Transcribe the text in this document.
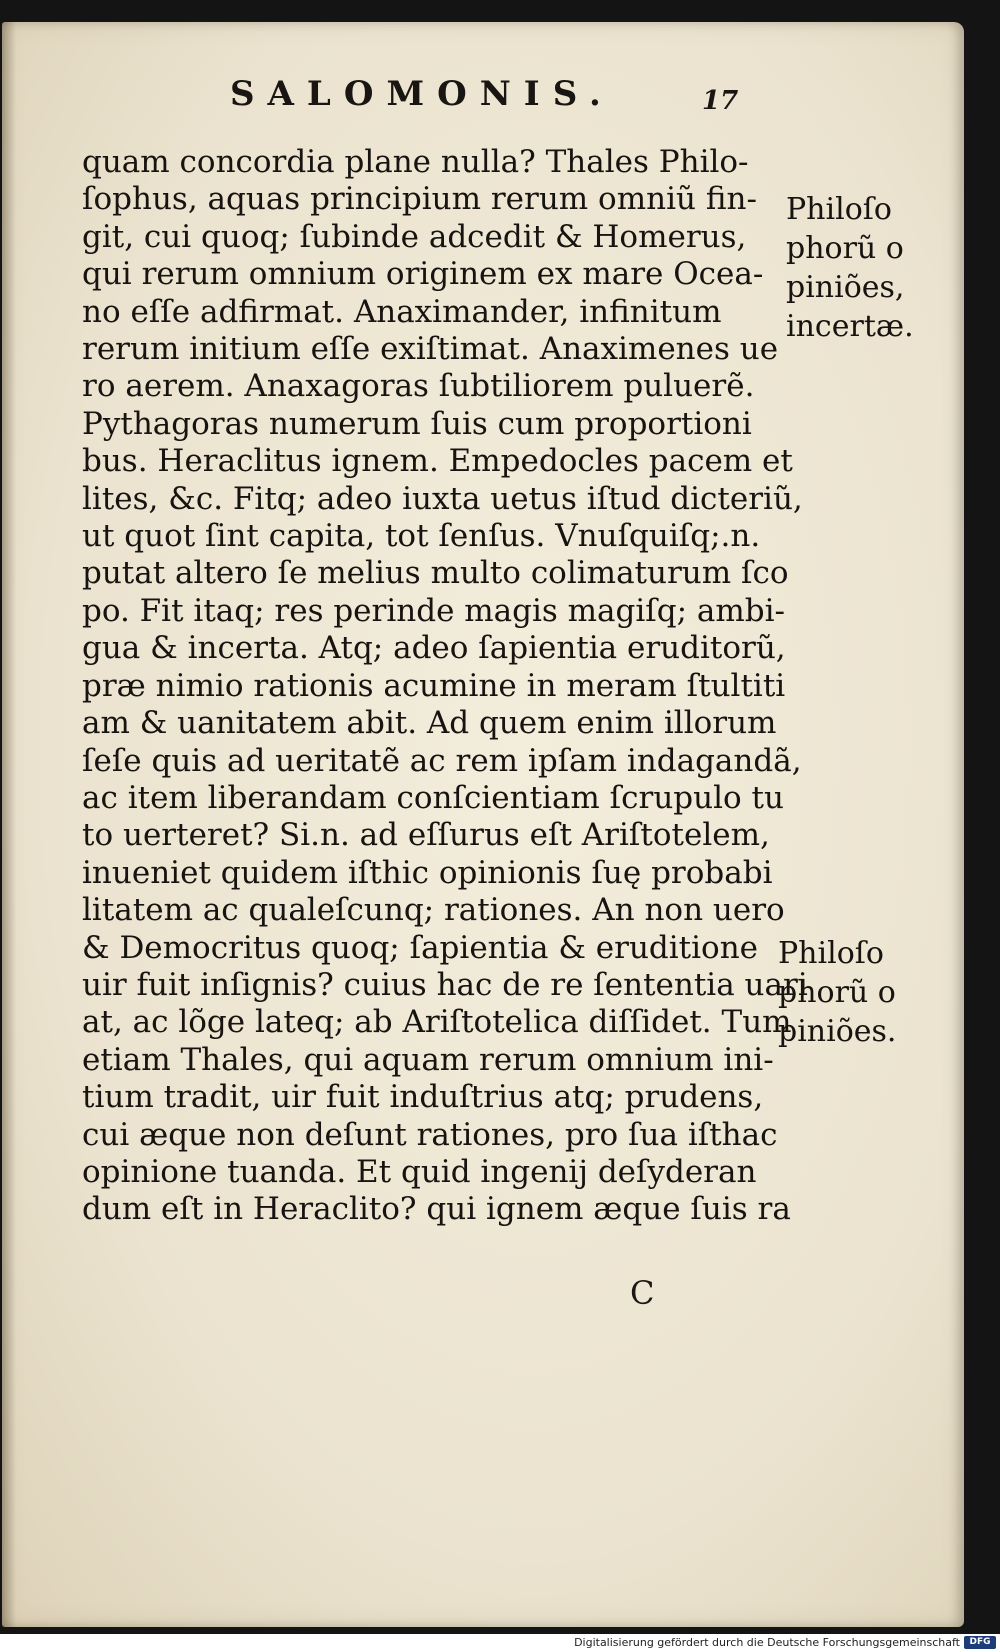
SALOMONIS.	17
quam concordia plane nulla? Thales Philo-
ſophus, aquas principium rerum omniũ fin-
git, cui quoq; ſubinde adcedit & Homerus,
qui rerum omnium originem ex mare Ocea-
no eſſe adfirmat. Anaximander, infinitum
rerum initium eſſe exiſtimat. Anaximenes ue
ro aerem. Anaxagoras ſubtiliorem puluerẽ.
Pythagoras numerum ſuis cum proportioni
bus. Heraclitus ignem. Empedocles pacem et
lites, &c. Fitq; adeo iuxta uetus iſtud dicteriũ,
ut quot ſint capita, tot ſenſus. Vnuſquiſq;.n.
putat altero ſe melius multo colimaturum ſco
po. Fit itaq; res perinde magis magiſq; ambi-
gua & incerta. Atq; adeo ſapientia eruditorũ,
præ nimio rationis acumine in meram ſtultiti
am & uanitatem abit. Ad quem enim illorum
ſeſe quis ad ueritatẽ ac rem ipſam indagandã,
ac item liberandam conſcientiam ſcrupulo tu
to uerteret? Si.n. ad eſſurus eſt Ariſtotelem,
inueniet quidem iſthic opinionis ſuę probabi
litatem ac qualeſcunq; rationes. An non uero
& Democritus quoq; ſapientia & eruditione
uir fuit inſignis? cuius hac de re ſententia uari
at, ac lõge lateq; ab Ariſtotelica diſſidet. Tum
etiam Thales, qui aquam rerum omnium ini-
tium tradit, uir fuit induſtrius atq; prudens,
cui æque non deſunt rationes, pro ſua iſthac
opinione tuanda. Et quid ingenij deſyderan
dum eſt in Heraclito? qui ignem æque ſuis ra
Philoſo
phorũ o
piniões,
incertæ.
Philoſo
phorũ o
piniões.
C
Digitalisierung gefördert durch die Deutsche Forschungsgemeinschaft	DFG
